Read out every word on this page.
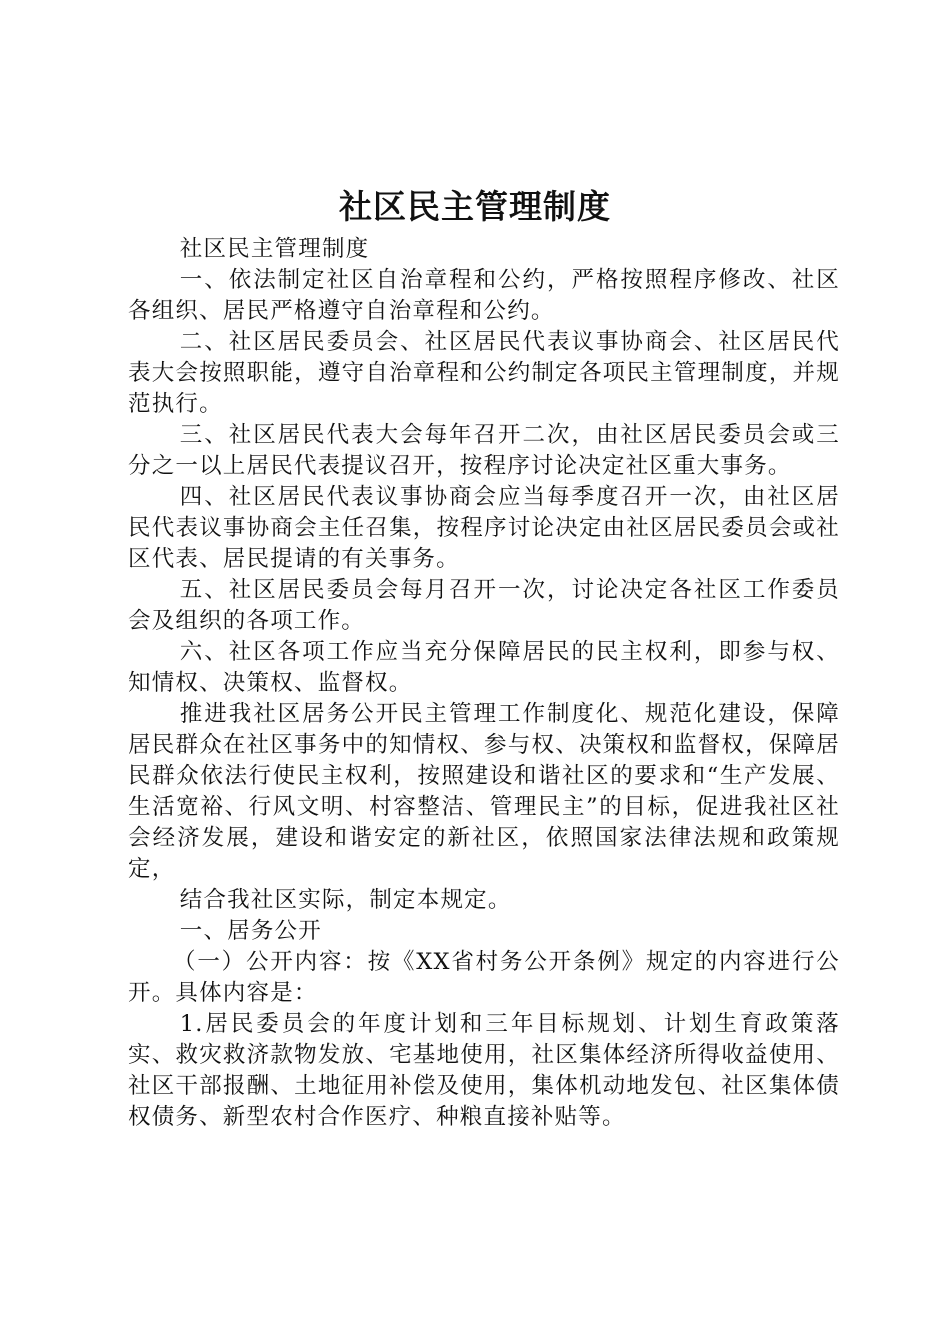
社区民主管理制度

社区民主管理制度

一、依法制定社区自治章程和公约，严格按照程序修改、社区各组织、居民严格遵守自治章程和公约。

二、社区居民委员会、社区居民代表议事协商会、社区居民代表大会按照职能，遵守自治章程和公约制定各项民主管理制度，并规范执行。

三、社区居民代表大会每年召开二次，由社区居民委员会或三分之一以上居民代表提议召开，按程序讨论决定社区重大事务。

四、社区居民代表议事协商会应当每季度召开一次，由社区居民代表议事协商会主任召集，按程序讨论决定由社区居民委员会或社区代表、居民提请的有关事务。

五、社区居民委员会每月召开一次，讨论决定各社区工作委员会及组织的各项工作。

六、社区各项工作应当充分保障居民的民主权利，即参与权、知情权、决策权、监督权。

推进我社区居务公开民主管理工作制度化、规范化建设，保障居民群众在社区事务中的知情权、参与权、决策权和监督权，保障居民群众依法行使民主权利，按照建设和谐社区的要求和“生产发展、生活宽裕、行风文明、村容整洁、管理民主”的目标，促进我社区社会经济发展，建设和谐安定的新社区，依照国家法律法规和政策规定，

结合我社区实际，制定本规定。

一、居务公开

（一）公开内容：按《XX省村务公开条例》规定的内容进行公开。具体内容是：

1.居民委员会的年度计划和三年目标规划、计划生育政策落实、救灾救济款物发放、宅基地使用，社区集体经济所得收益使用、社区干部报酬、土地征用补偿及使用，集体机动地发包、社区集体债权债务、新型农村合作医疗、种粮直接补贴等。
